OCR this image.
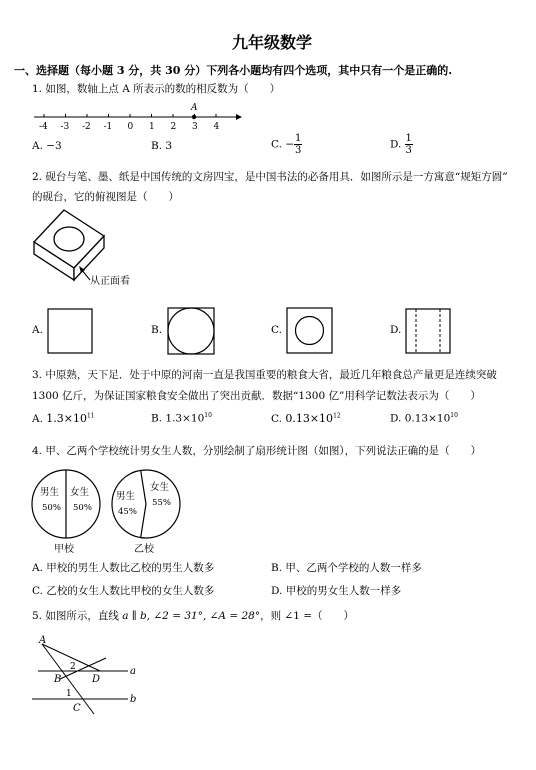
九年级数学
一、选择题（每小题 3 分，共 30 分）下列各小题均有四个选项，其中只有一个是正确的.
1. 如图，数轴上点 A 所表示的数的相反数为（　　）
-4 -3 -2 -1 0 1 2 3 4
A
A. −3	B. 3	C. − $\frac{1}{3}$	D. $\frac{1}{3}$
2. 砚台与笔、墨、纸是中国传统的文房四宝，是中国书法的必备用具．如图所示是一方寓意“规矩方圆”
的砚台，它的俯视图是（　　）
从正面看
A.	B.	C.	D.
3. 中原熟，天下足．处于中原的河南一直是我国重要的粮食大省，最近几年粮食总产量更是连续突破
1300 亿斤，为保证国家粮食安全做出了突出贡献．数据“1300 亿”用科学记数法表示为（　　）
A. $1.3\times 10^{11}$	B. $1.3\times 10^{10}$	C. $0.13\times 10^{12}$	D. $0.13\times 10^{10}$
4. 甲、乙两个学校统计男女生人数，分别绘制了扇形统计图（如图），下列说法正确的是（　　）
男生
50%
女生
50%
甲校
男生
45%
女生
55%
乙校
A. 甲校的男生人数比乙校的男生人数多	B. 甲、乙两个学校的人数一样多
C. 乙校的女生人数比甲校的女生人数多	D. 甲校的男女生人数一样多
5. 如图所示，直线 a ∥ b, ∠2 = 31°, ∠A = 28°，则 ∠1 =（　　）
A
B	D
C
2
1
a
b
